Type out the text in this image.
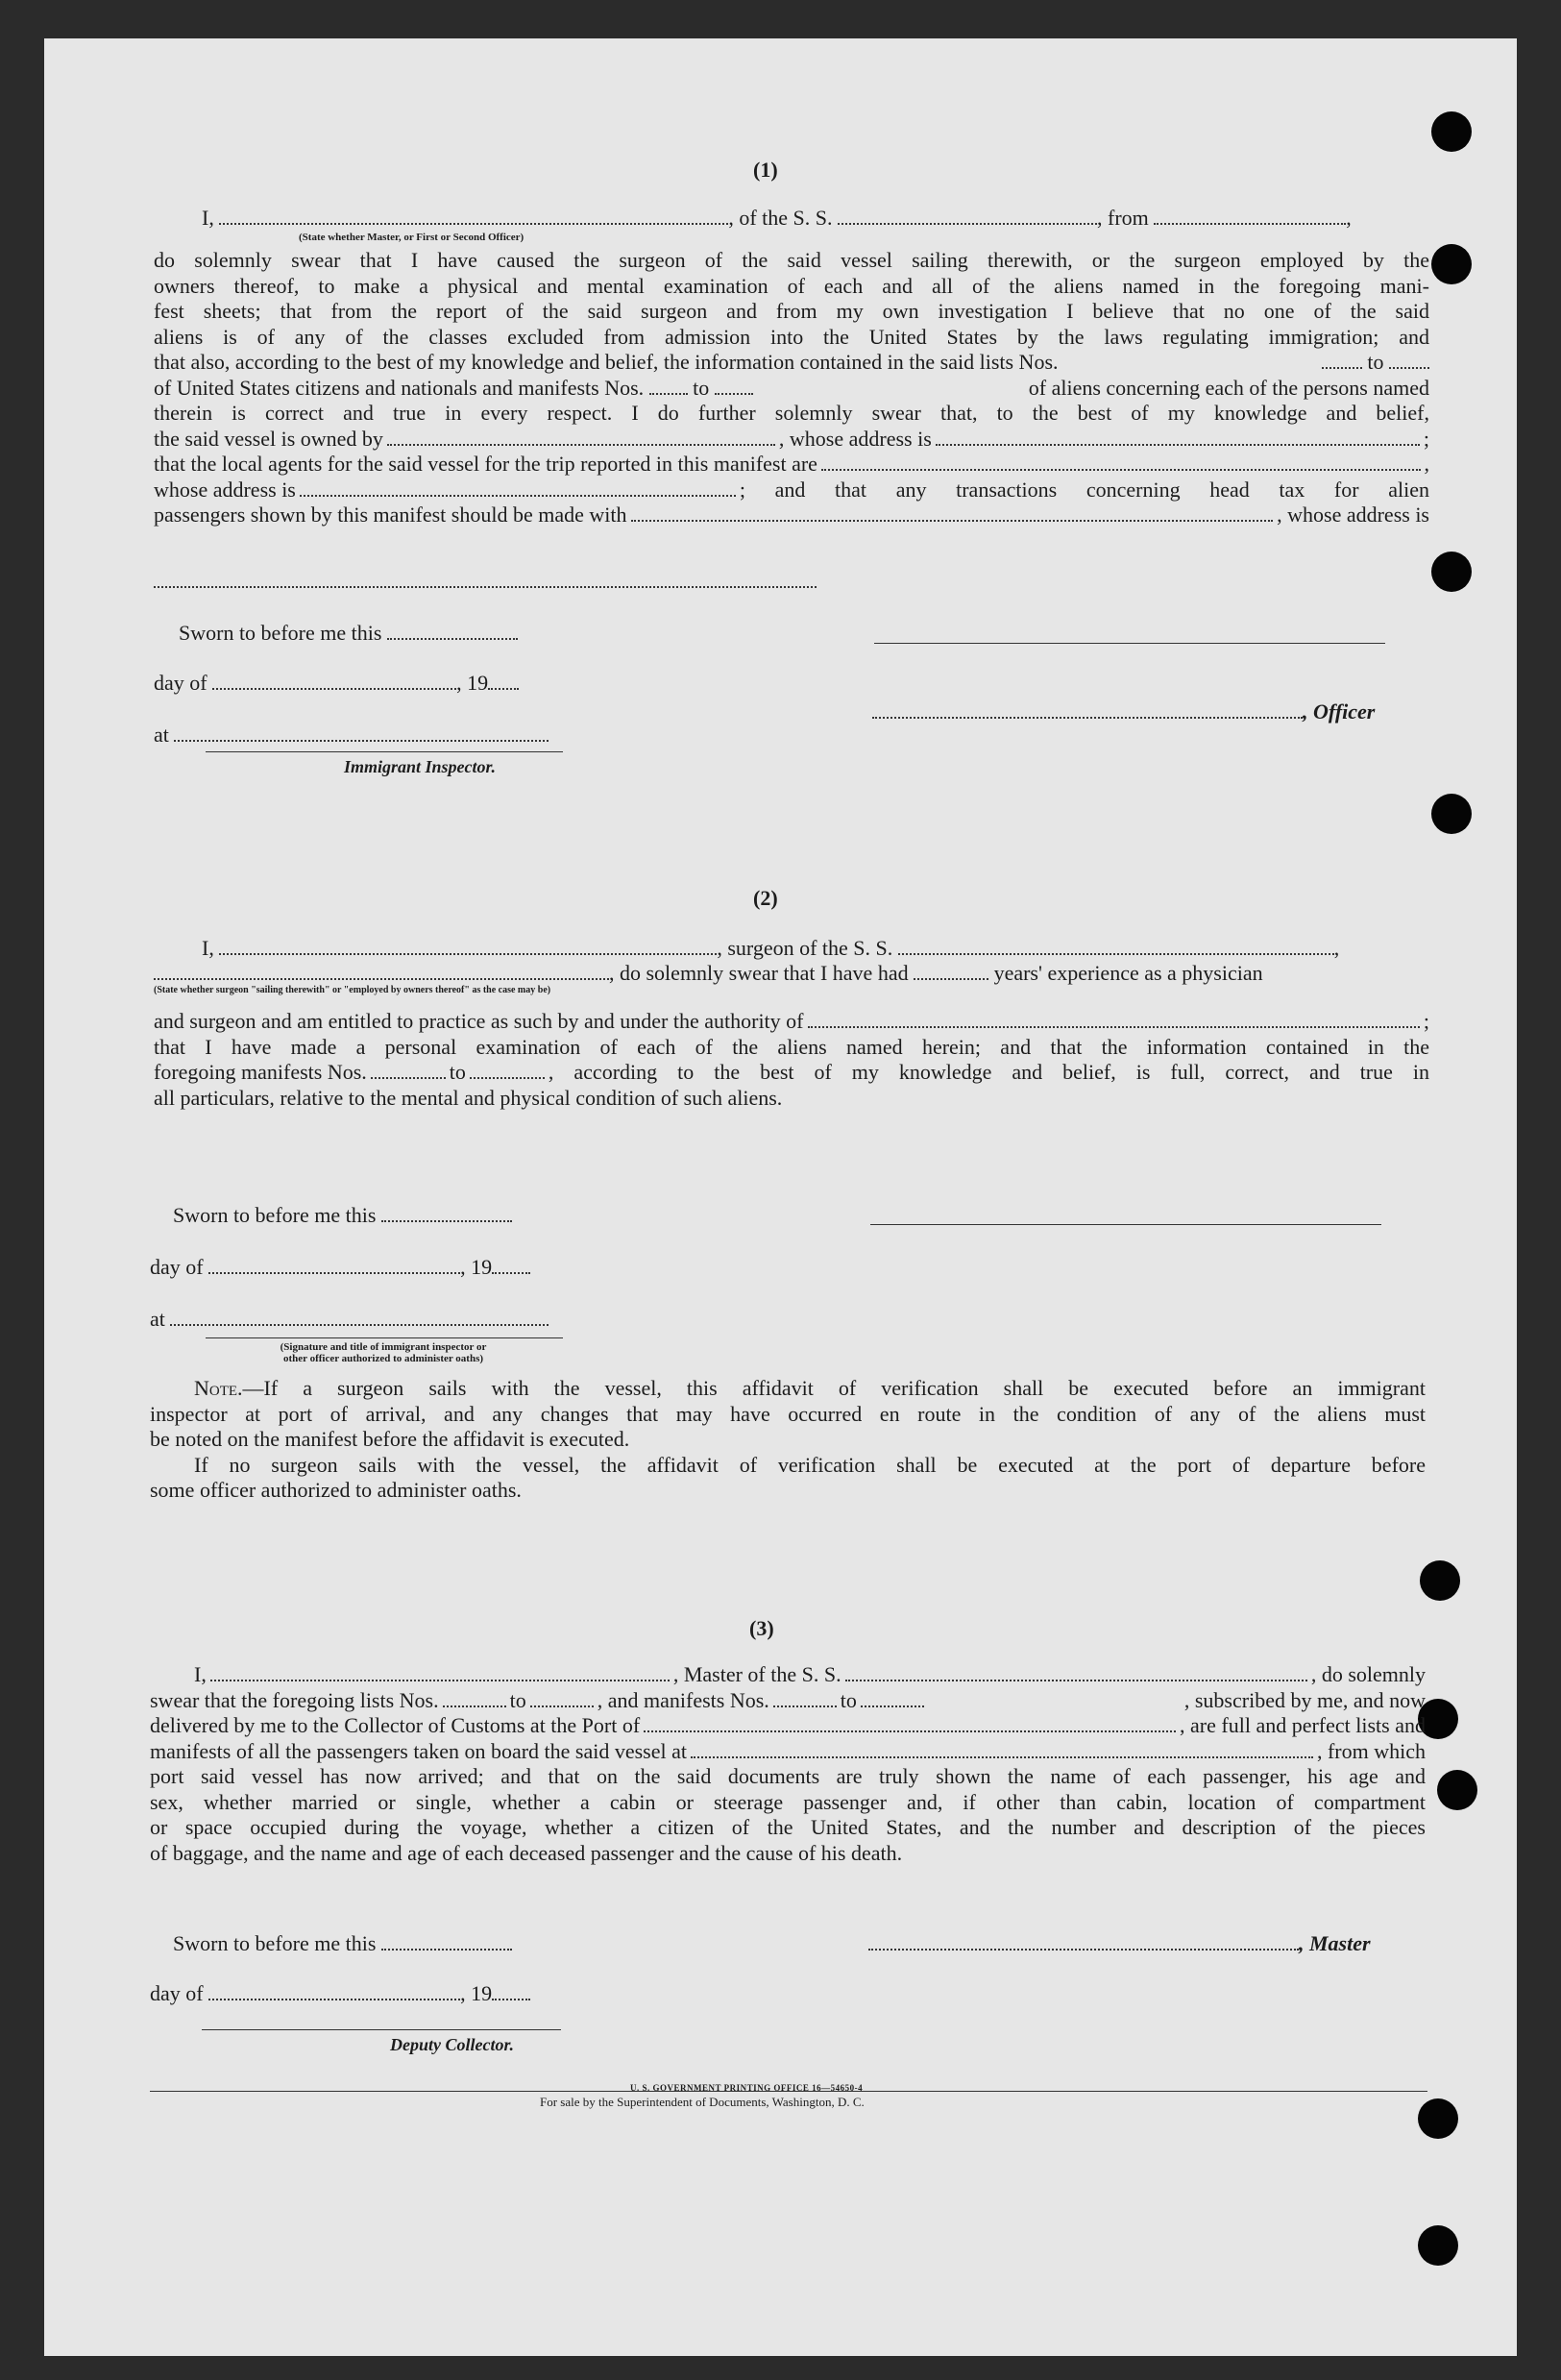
(1)
I,	, of the S. S.	, from	,
(State whether Master, or First or Second Officer)
do solemnly swear that I have caused the surgeon of the said vessel sailing therewith, or the surgeon employed by the
owners thereof, to make a physical and mental examination of each and all of the aliens named in the foregoing mani-
fest sheets; that from the report of the said surgeon and from my own investigation I believe that no one of the said
aliens is of any of the classes excluded from admission into the United States by the laws regulating immigration; and
that also, according to the best of my knowledge and belief, the information contained in the said lists Nos.	to
of United States citizens and nationals and manifests Nos. to	of aliens concerning each of the persons named
therein is correct and true in every respect. I do further solemnly swear that, to the best of my knowledge and belief,
the said vessel is owned by	, whose address is	;
that the local agents for the said vessel for the trip reported in this manifest are	,
whose address is	; and that any transactions concerning head tax for alien
passengers shown by this manifest should be made with	, whose address is
Sworn to before me this
day of	, 19
, Officer
at
Immigrant Inspector.
(2)
I,	, surgeon of the S. S.	,
, do solemnly swear that I have had	years' experience as a physician
(State whether surgeon "sailing therewith" or "employed by owners thereof" as the case may be)
and surgeon and am entitled to practice as such by and under the authority of	;
that I have made a personal examination of each of the aliens named herein; and that the information contained in the
foregoing manifests Nos.	to	, according to the best of my knowledge and belief, is full, correct, and true in
all particulars, relative to the mental and physical condition of such aliens.
Sworn to before me this
day of	, 19
at
(Signature and title of immigrant inspector or
other officer authorized to administer oaths)
Note.—If a surgeon sails with the vessel, this affidavit of verification shall be executed before an immigrant
inspector at port of arrival, and any changes that may have occurred en route in the condition of any of the aliens must
be noted on the manifest before the affidavit is executed.
If no surgeon sails with the vessel, the affidavit of verification shall be executed at the port of departure before
some officer authorized to administer oaths.
(3)
I,	, Master of the S. S.	, do solemnly
swear that the foregoing lists Nos.	to	, and manifests Nos.	to	, subscribed by me, and now
delivered by me to the Collector of Customs at the Port of	, are full and perfect lists and
manifests of all the passengers taken on board the said vessel at	, from which
port said vessel has now arrived; and that on the said documents are truly shown the name of each passenger, his age and
sex, whether married or single, whether a cabin or steerage passenger and, if other than cabin, location of compartment
or space occupied during the voyage, whether a citizen of the United States, and the number and description of the pieces
of baggage, and the name and age of each deceased passenger and the cause of his death.
Sworn to before me this	, Master
day of	, 19
Deputy Collector.
U. S. GOVERNMENT PRINTING OFFICE 16—54650-4
For sale by the Superintendent of Documents, Washington, D. C.
